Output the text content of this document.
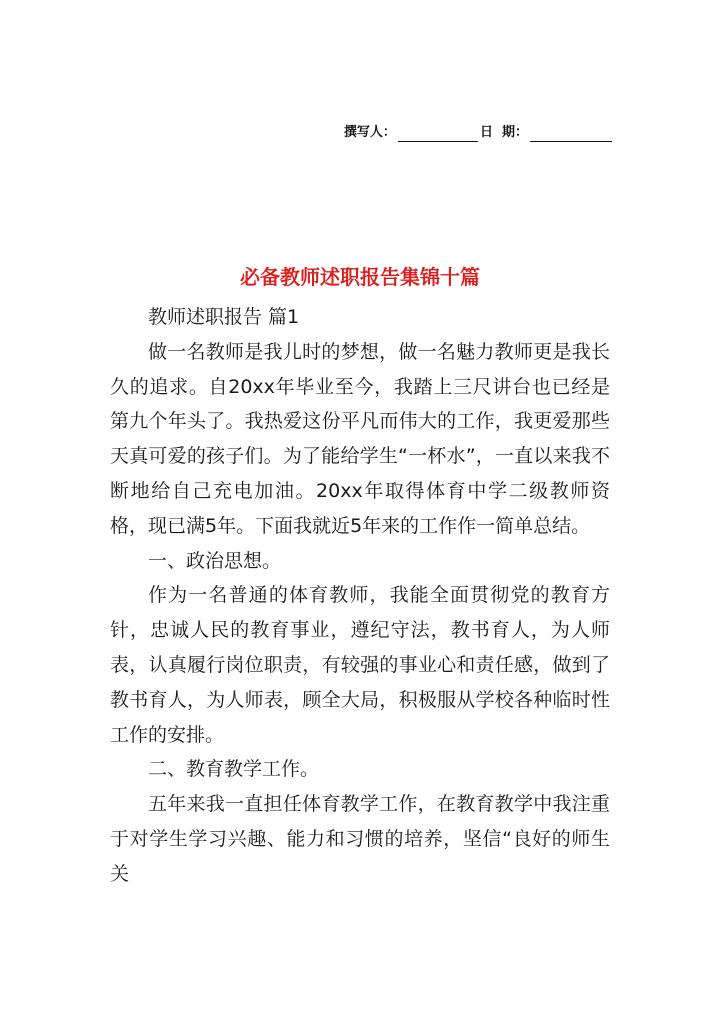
撰写人：	日  期：
必备教师述职报告集锦十篇

教师述职报告 篇1

做一名教师是我儿时的梦想，做一名魅力教师更是我长久的追求。自20xx年毕业至今，我踏上三尺讲台也已经是第九个年头了。我热爱这份平凡而伟大的工作，我更爱那些天真可爱的孩子们。为了能给学生“一杯水”，一直以来我不断地给自己充电加油。20xx年取得体育中学二级教师资格，现已满5年。下面我就近5年来的工作作一简单总结。

一、政治思想。

作为一名普通的体育教师，我能全面贯彻党的教育方针，忠诚人民的教育事业，遵纪守法，教书育人，为人师表，认真履行岗位职责，有较强的事业心和责任感，做到了教书育人，为人师表，顾全大局，积极服从学校各种临时性工作的安排。

二、教育教学工作。

五年来我一直担任体育教学工作，在教育教学中我注重于对学生学习兴趣、能力和习惯的培养，坚信“良好的师生关
